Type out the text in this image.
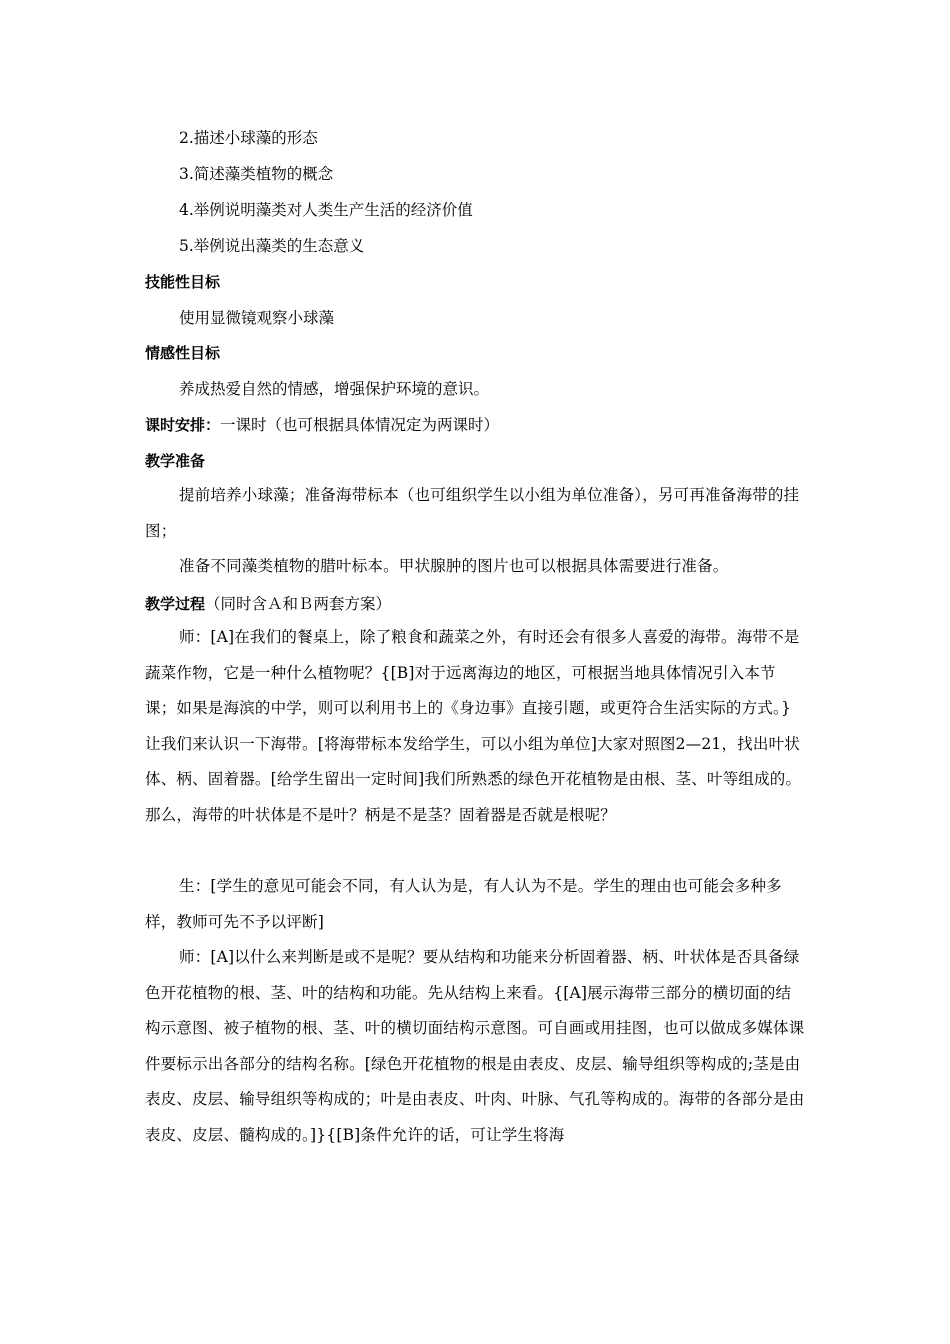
2.描述小球藻的形态
3.简述藻类植物的概念
4.举例说明藻类对人类生产生活的经济价值
5.举例说出藻类的生态意义
技能性目标
使用显微镜观察小球藻
情感性目标
养成热爱自然的情感，增强保护环境的意识。
课时安排：一课时（也可根据具体情况定为两课时）
教学准备
提前培养小球藻；准备海带标本（也可组织学生以小组为单位准备），另可再准备海带的挂图；
准备不同藻类植物的腊叶标本。甲状腺肿的图片也可以根据具体需要进行准备。
教学过程（同时含Ａ和Ｂ两套方案）
师：[A]在我们的餐桌上，除了粮食和蔬菜之外，有时还会有很多人喜爱的海带。海带不是蔬菜作物，它是一种什么植物呢？{[B]对于远离海边的地区，可根据当地具体情况引入本节课；如果是海滨的中学，则可以利用书上的《身边事》直接引题，或更符合生活实际的方式。}让我们来认识一下海带。[将海带标本发给学生，可以小组为单位]大家对照图2—21，找出叶状体、柄、固着器。[给学生留出一定时间]我们所熟悉的绿色开花植物是由根、茎、叶等组成的。那么，海带的叶状体是不是叶？柄是不是茎？固着器是否就是根呢？
生：[学生的意见可能会不同，有人认为是，有人认为不是。学生的理由也可能会多种多样，教师可先不予以评断]
师：[A]以什么来判断是或不是呢？要从结构和功能来分析固着器、柄、叶状体是否具备绿色开花植物的根、茎、叶的结构和功能。先从结构上来看。{[A]展示海带三部分的横切面的结构示意图、被子植物的根、茎、叶的横切面结构示意图。可自画或用挂图，也可以做成多媒体课件要标示出各部分的结构名称。[绿色开花植物的根是由表皮、皮层、输导组织等构成的;茎是由表皮、皮层、输导组织等构成的；叶是由表皮、叶肉、叶脉、气孔等构成的。海带的各部分是由表皮、皮层、髓构成的。]}{[B]条件允许的话，可让学生将海
